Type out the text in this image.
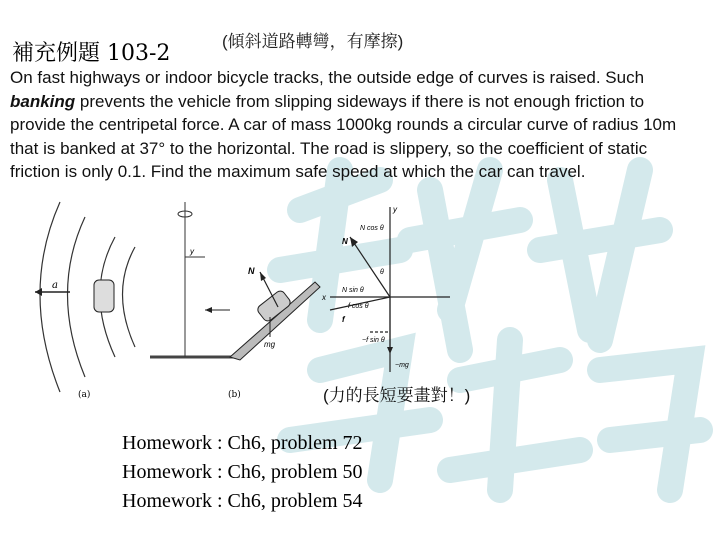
(傾斜道路轉彎，有摩擦)
補充例題 103-2
On fast highways or indoor bicycle tracks, the outside edge of curves is raised. Such banking prevents the vehicle from slipping sideways if there is not enough friction to provide the centripetal force. A car of mass 1000kg rounds a circular curve of radius 10m that is banked at 37° to the horizontal. The road is slippery, so the coefficient of static friction is only 0.1. Find the maximum safe speed at which the car can travel.
a
(a)
y
N
mg
(b)
y
x
N cos θ
N
θ
N sin θ
f cos θ
f
−f sin θ
−mg
(力的長短要畫對！)
Homework : Ch6, problem 72
Homework : Ch6, problem 50
Homework : Ch6, problem 54
